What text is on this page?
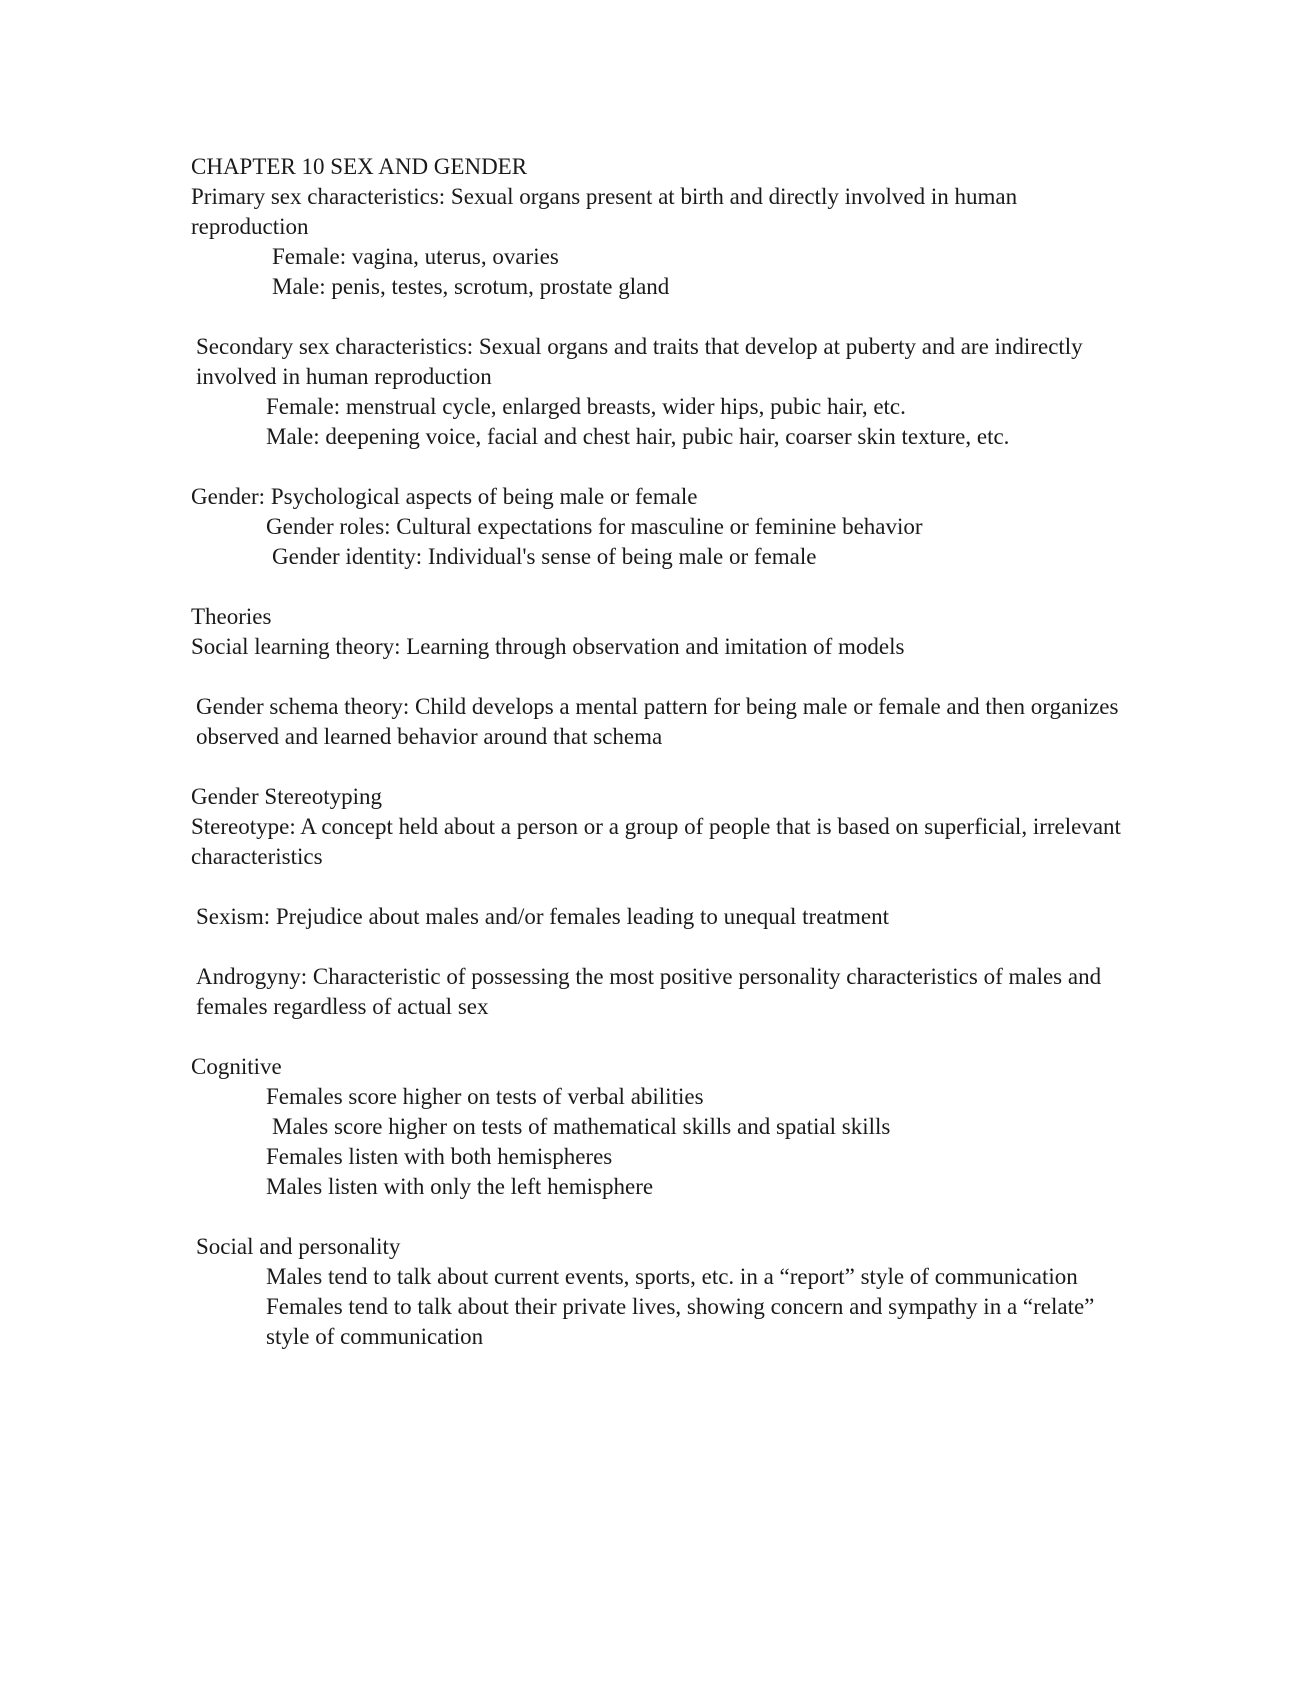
CHAPTER 10 SEX AND GENDER

Primary sex characteristics: Sexual organs present at birth and directly involved in human reproduction

Female: vagina, uterus, ovaries

Male: penis, testes, scrotum, prostate gland

Secondary sex characteristics: Sexual organs and traits that develop at puberty and are indirectly involved in human reproduction

Female: menstrual cycle, enlarged breasts, wider hips, pubic hair, etc.

Male: deepening voice, facial and chest hair, pubic hair, coarser skin texture, etc.

Gender: Psychological aspects of being male or female

Gender roles: Cultural expectations for masculine or feminine behavior

Gender identity: Individual's sense of being male or female

Theories

Social learning theory: Learning through observation and imitation of models

Gender schema theory: Child develops a mental pattern for being male or female and then organizes observed and learned behavior around that schema

Gender Stereotyping

Stereotype: A concept held about a person or a group of people that is based on superficial, irrelevant characteristics

Sexism: Prejudice about males and/or females leading to unequal treatment

Androgyny: Characteristic of possessing the most positive personality characteristics of males and females regardless of actual sex

Cognitive

Females score higher on tests of verbal abilities

Males score higher on tests of mathematical skills and spatial skills

Females listen with both hemispheres

Males listen with only the left hemisphere

Social and personality

Males tend to talk about current events, sports, etc. in a “report” style of communication

Females tend to talk about their private lives, showing concern and sympathy in a “relate” style of communication
